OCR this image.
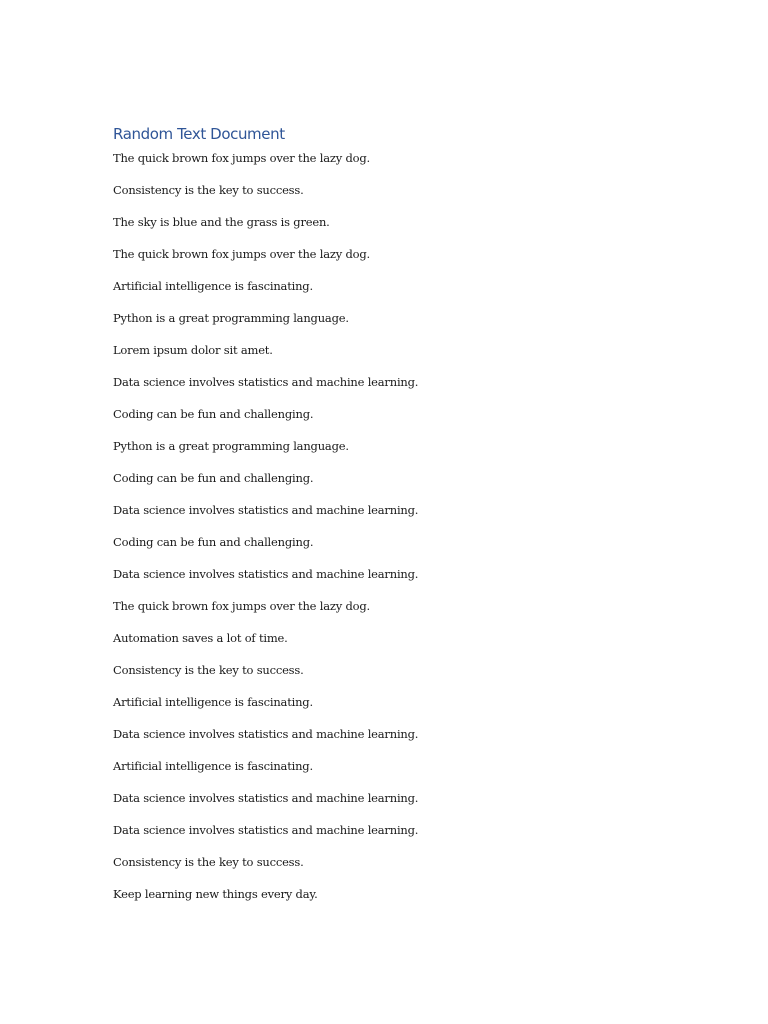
Random Text Document

The quick brown fox jumps over the lazy dog.

Consistency is the key to success.

The sky is blue and the grass is green.

The quick brown fox jumps over the lazy dog.

Artificial intelligence is fascinating.

Python is a great programming language.

Lorem ipsum dolor sit amet.

Data science involves statistics and machine learning.

Coding can be fun and challenging.

Python is a great programming language.

Coding can be fun and challenging.

Data science involves statistics and machine learning.

Coding can be fun and challenging.

Data science involves statistics and machine learning.

The quick brown fox jumps over the lazy dog.

Automation saves a lot of time.

Consistency is the key to success.

Artificial intelligence is fascinating.

Data science involves statistics and machine learning.

Artificial intelligence is fascinating.

Data science involves statistics and machine learning.

Data science involves statistics and machine learning.

Consistency is the key to success.

Keep learning new things every day.
